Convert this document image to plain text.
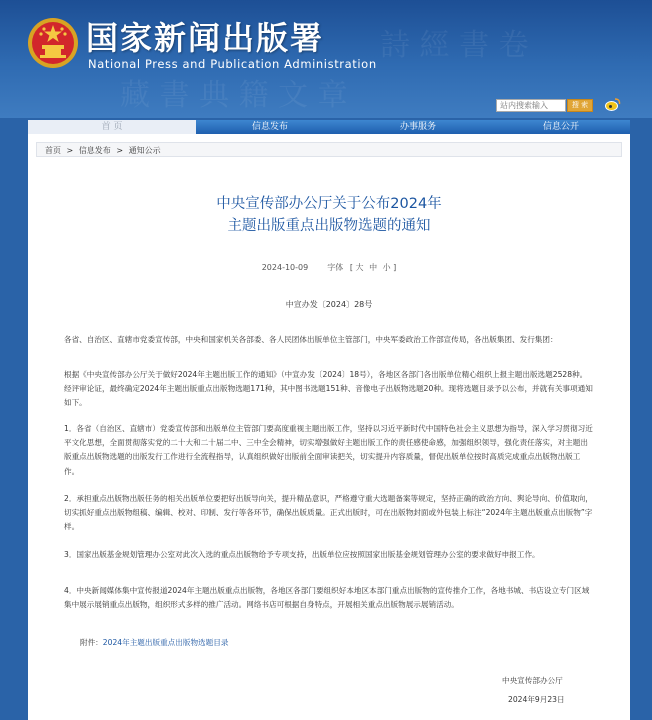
藏 書 典 籍 文 章
詩 經 書 卷
国家新闻出版署
National Press and Publication Administration
站内搜索输入
搜 索
首 页	信息发布	办事服务	信息公开
首页 > 信息发布 > 通知公示
中央宣传部办公厅关于公布2024年
主题出版重点出版物选题的通知
2024-10-09 字体 [ 大 中 小 ]
中宣办发〔2024〕28号
各省、自治区、直辖市党委宣传部，中央和国家机关各部委、各人民团体出版单位主管部门，中央军委政治工作部宣传局，各出版集团、发行集团：
根据《中央宣传部办公厅关于做好2024年主题出版工作的通知》（中宣办发〔2024〕18号），各地区各部门各出版单位精心组织上报主题出版选题2528种。经评审论证，最终确定2024年主题出版重点出版物选题171种，其中图书选题151种、音像电子出版物选题20种。现将选题目录予以公布，并就有关事项通知如下。
1．各省（自治区、直辖市）党委宣传部和出版单位主管部门要高度重视主题出版工作，坚持以习近平新时代中国特色社会主义思想为指导，深入学习贯彻习近平文化思想，全面贯彻落实党的二十大和二十届二中、三中全会精神，切实增强做好主题出版工作的责任感使命感，加强组织领导，强化责任落实，对主题出版重点出版物选题的出版发行工作进行全流程指导，认真组织做好出版前全面审读把关，切实提升内容质量，督促出版单位按时高质完成重点出版物出版工作。
2．承担重点出版物出版任务的相关出版单位要把好出版导向关，提升精品意识，严格遵守重大选题备案等规定，坚持正确的政治方向、舆论导向、价值取向，切实抓好重点出版物组稿、编辑、校对、印制、发行等各环节，确保出版质量。正式出版时，可在出版物封面或外包装上标注“2024年主题出版重点出版物”字样。
3．国家出版基金规划管理办公室对此次入选的重点出版物给予专项支持，出版单位应按照国家出版基金规划管理办公室的要求做好申报工作。
4．中央新闻媒体集中宣传报道2024年主题出版重点出版物，各地区各部门要组织好本地区本部门重点出版物的宣传推介工作，各地书城、书店设立专门区域集中展示展销重点出版物，组织形式多样的推广活动。网络书店可根据自身特点，开展相关重点出版物展示展销活动。
附件：2024年主题出版重点出版物选题目录
中央宣传部办公厅
2024年9月23日
